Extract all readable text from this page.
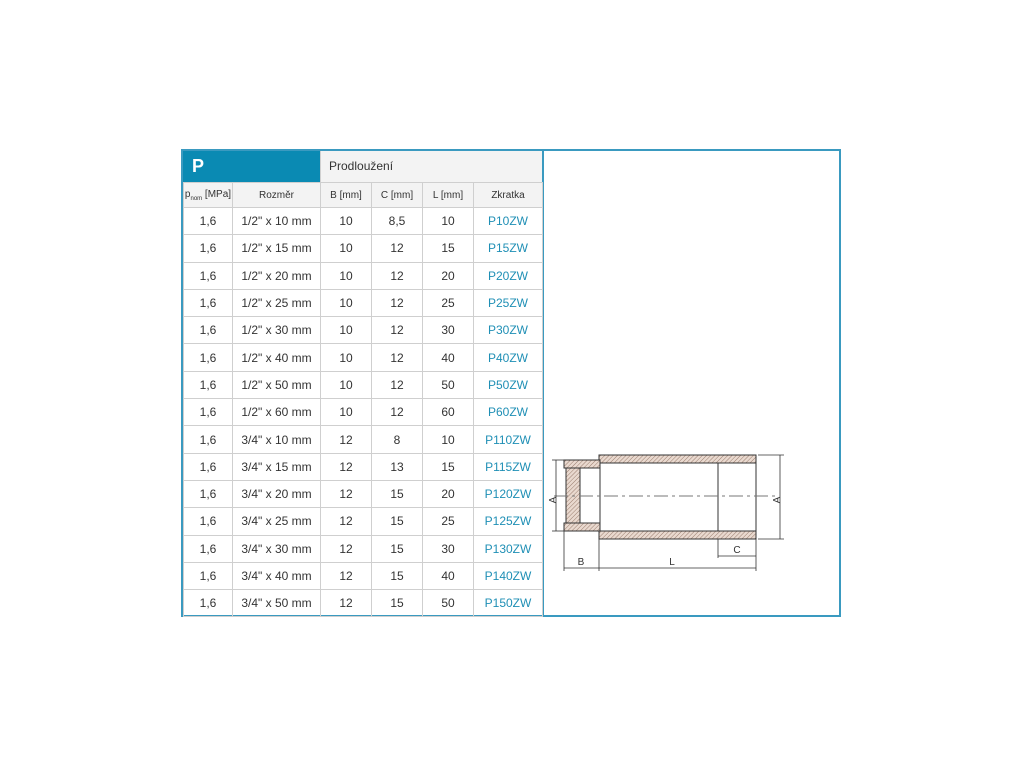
P	Prodloužení
$p_{nom}$ [MPa]	Rozměr	B [mm]	C [mm]	L [mm]	Zkratka
1,6	1/2" x 10 mm	10	8,5	10	P10ZW
1,6	1/2" x 15 mm	10	12	15	P15ZW
1,6	1/2" x 20 mm	10	12	20	P20ZW
1,6	1/2" x 25 mm	10	12	25	P25ZW
1,6	1/2" x 30 mm	10	12	30	P30ZW
1,6	1/2" x 40 mm	10	12	40	P40ZW
1,6	1/2" x 50 mm	10	12	50	P50ZW
1,6	1/2" x 60 mm	10	12	60	P60ZW
1,6	3/4" x 10 mm	12	8	10	P110ZW
1,6	3/4" x 15 mm	12	13	15	P115ZW
1,6	3/4" x 20 mm	12	15	20	P120ZW
1,6	3/4" x 25 mm	12	15	25	P125ZW
1,6	3/4" x 30 mm	12	15	30	P130ZW
1,6	3/4" x 40 mm	12	15	40	P140ZW
1,6	3/4" x 50 mm	12	15	50	P150ZW
A	A
B	L
C
